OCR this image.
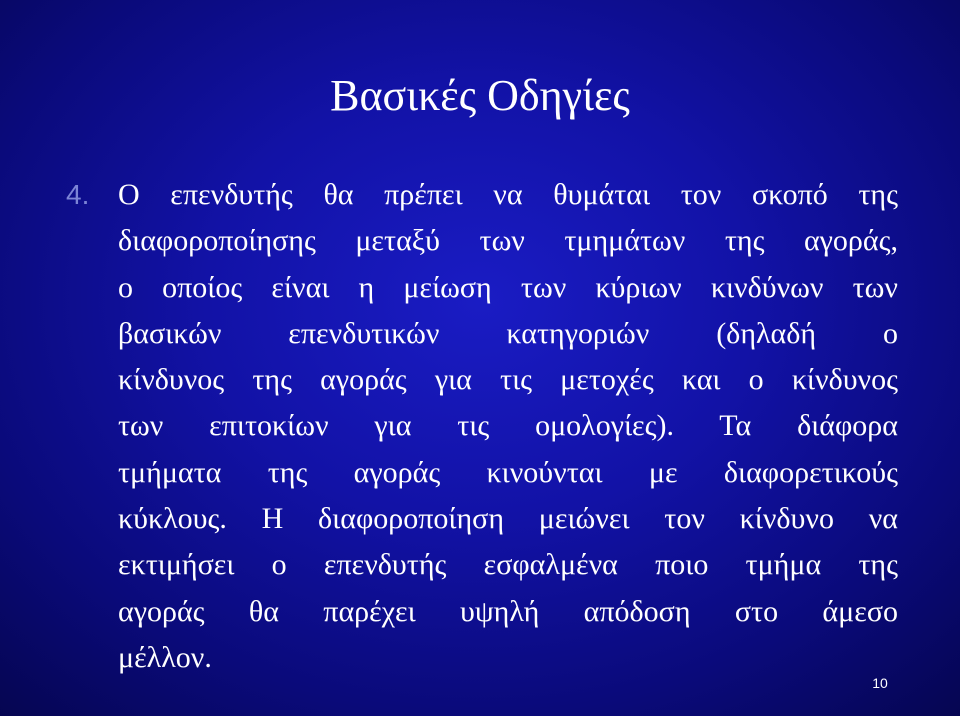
Βασικές Οδηγίες
4. Ο επενδυτής θα πρέπει να θυμάται τον σκοπό της
διαφοροποίησης μεταξύ των τμημάτων της αγοράς,
ο οποίος είναι η μείωση των κύριων κινδύνων των
βασικών επενδυτικών κατηγοριών (δηλαδή ο
κίνδυνος της αγοράς για τις μετοχές και ο κίνδυνος
των επιτοκίων για τις ομολογίες). Τα διάφορα
τμήματα της αγοράς κινούνται με διαφορετικούς
κύκλους. Η διαφοροποίηση μειώνει τον κίνδυνο να
εκτιμήσει ο επενδυτής εσφαλμένα ποιο τμήμα της
αγοράς θα παρέχει υψηλή απόδοση στο άμεσο
μέλλον.
10
